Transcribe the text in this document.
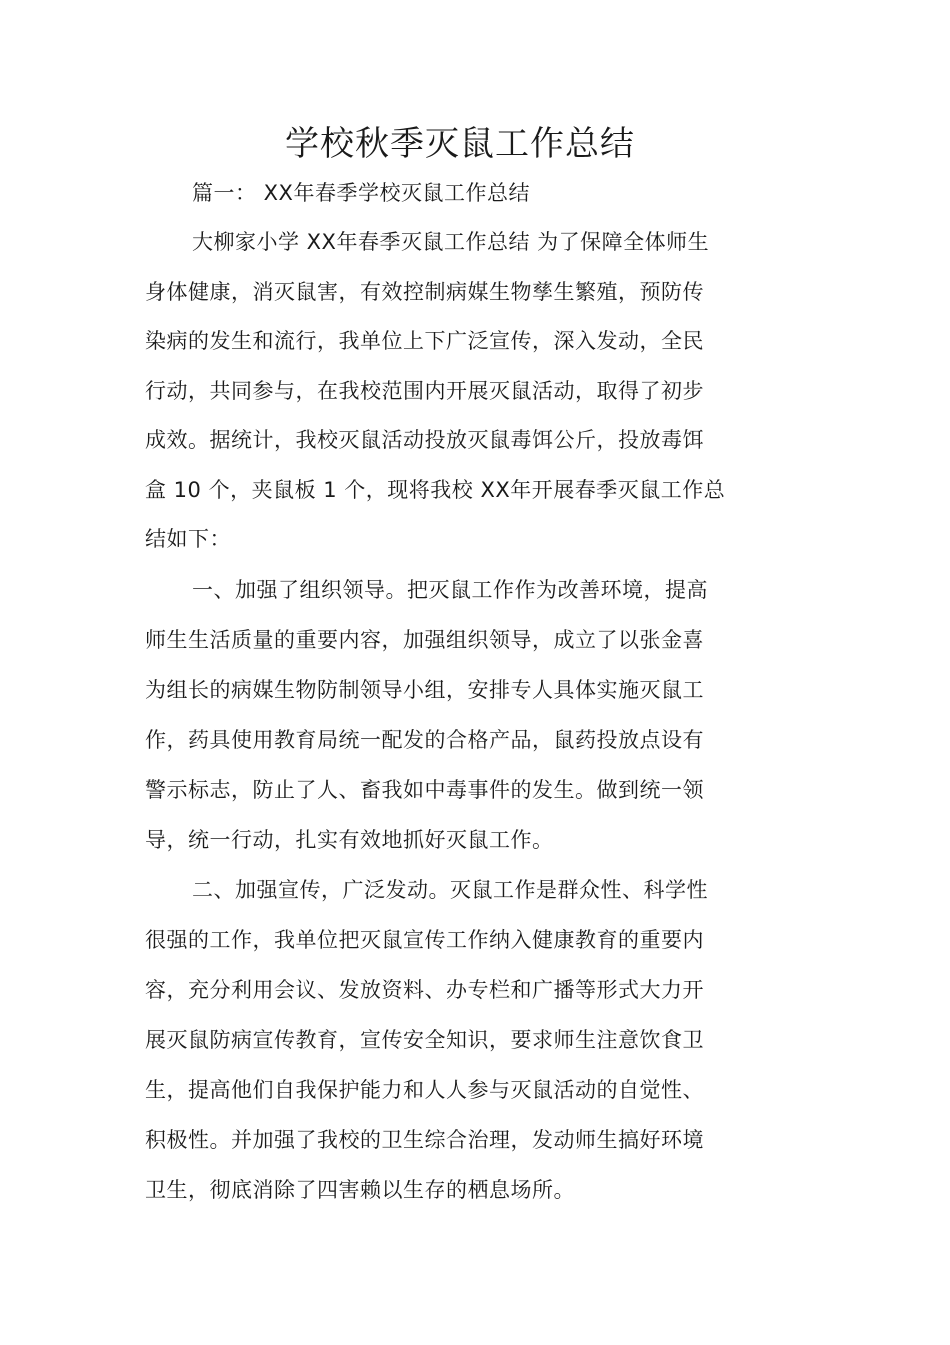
学校秋季灭鼠工作总结
篇一： XX年春季学校灭鼠工作总结
大柳家小学 XX年春季灭鼠工作总结 为了保障全体师生
身体健康，消灭鼠害，有效控制病媒生物孳生繁殖，预防传
染病的发生和流行，我单位上下广泛宣传，深入发动，全民
行动，共同参与，在我校范围内开展灭鼠活动，取得了初步
成效。据统计，我校灭鼠活动投放灭鼠毒饵公斤，投放毒饵
盒 10 个，夹鼠板 1 个，现将我校 XX年开展春季灭鼠工作总
结如下：
一、加强了组织领导。把灭鼠工作作为改善环境，提高
师生生活质量的重要内容，加强组织领导，成立了以张金喜
为组长的病媒生物防制领导小组，安排专人具体实施灭鼠工
作，药具使用教育局统一配发的合格产品，鼠药投放点设有
警示标志，防止了人、畜我如中毒事件的发生。做到统一领
导，统一行动，扎实有效地抓好灭鼠工作。
二、加强宣传，广泛发动。灭鼠工作是群众性、科学性
很强的工作，我单位把灭鼠宣传工作纳入健康教育的重要内
容，充分利用会议、发放资料、办专栏和广播等形式大力开
展灭鼠防病宣传教育，宣传安全知识，要求师生注意饮食卫
生，提高他们自我保护能力和人人参与灭鼠活动的自觉性、
积极性。并加强了我校的卫生综合治理，发动师生搞好环境
卫生，彻底消除了四害赖以生存的栖息场所。
